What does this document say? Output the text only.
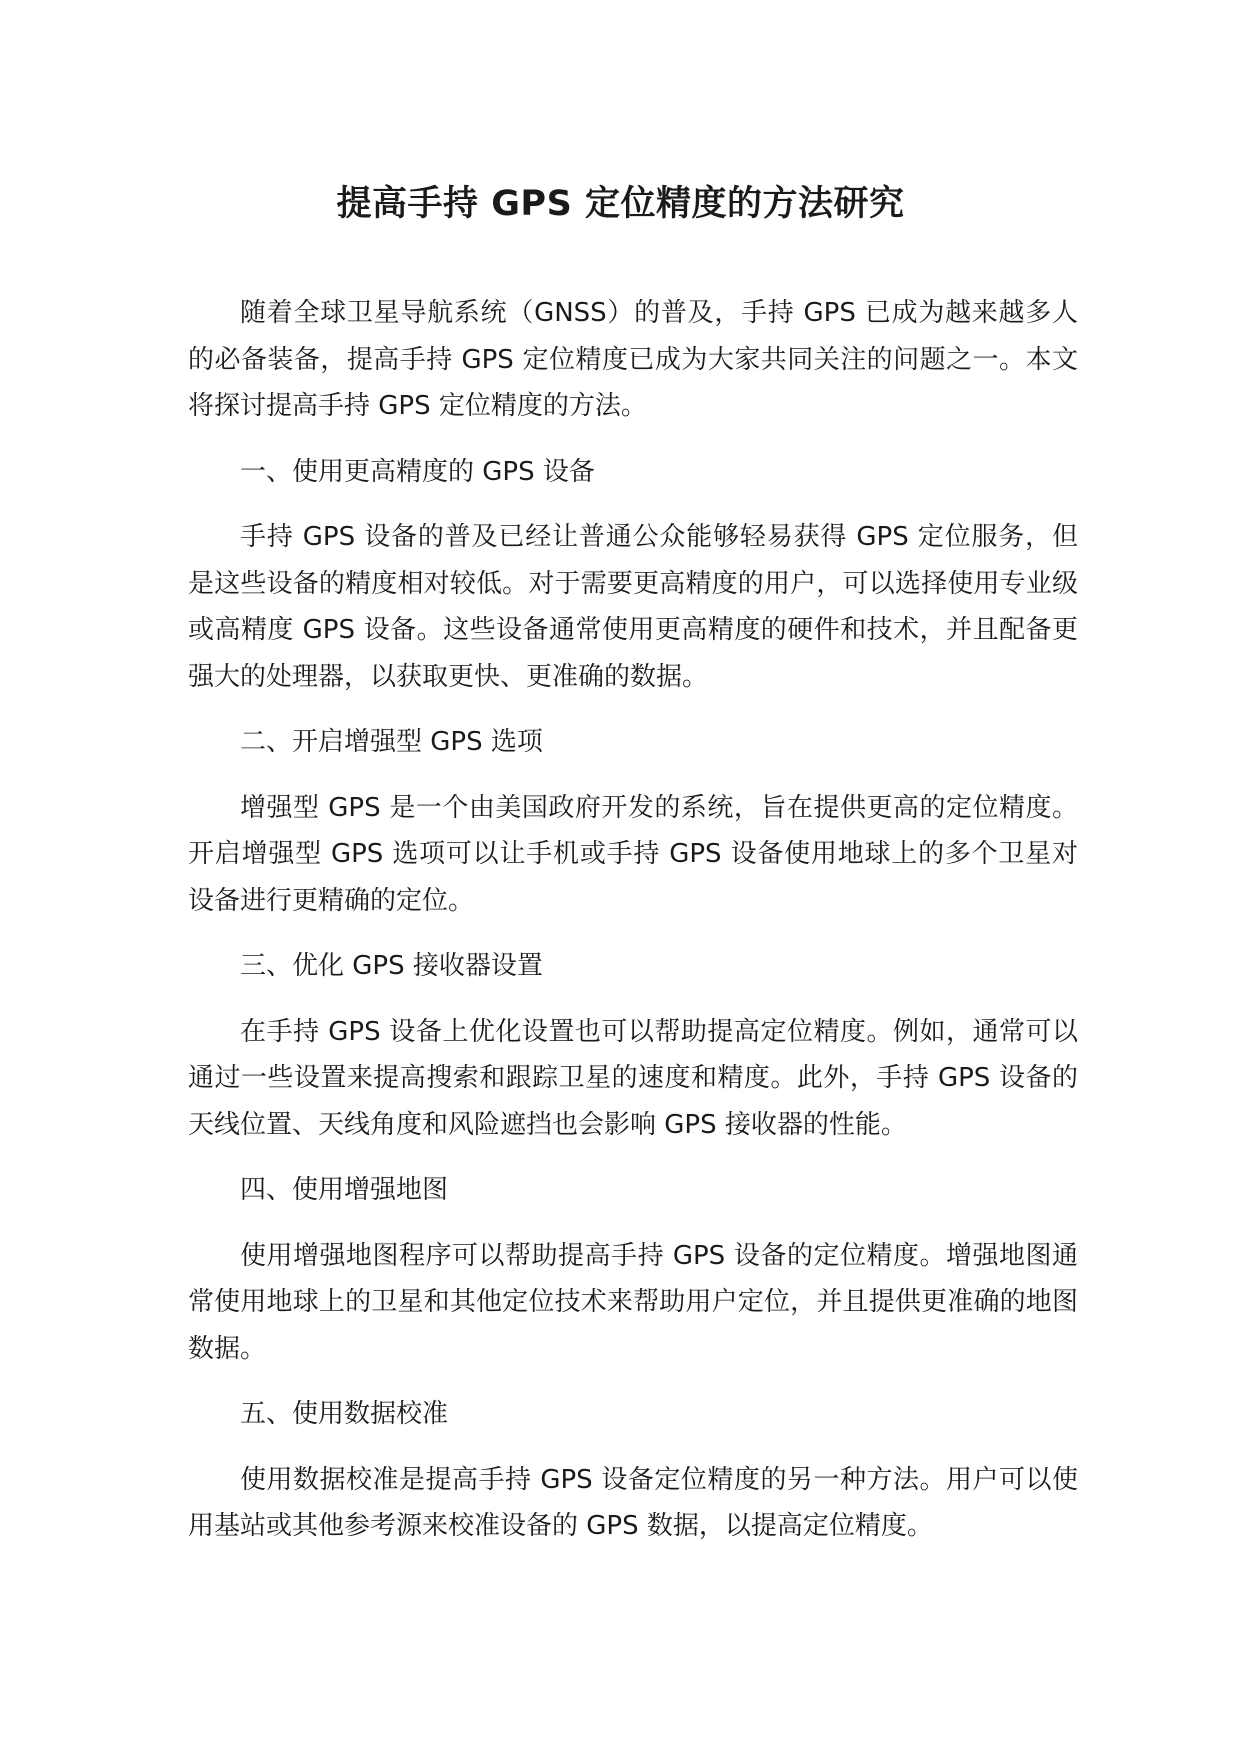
提高手持 GPS 定位精度的方法研究

随着全球卫星导航系统（GNSS）的普及，手持 GPS 已成为越来越多人的必备装备，提高手持 GPS 定位精度已成为大家共同关注的问题之一。本文将探讨提高手持 GPS 定位精度的方法。

一、使用更高精度的 GPS 设备

手持 GPS 设备的普及已经让普通公众能够轻易获得 GPS 定位服务，但是这些设备的精度相对较低。对于需要更高精度的用户，可以选择使用专业级或高精度 GPS 设备。这些设备通常使用更高精度的硬件和技术，并且配备更强大的处理器，以获取更快、更准确的数据。

二、开启增强型 GPS 选项

增强型 GPS 是一个由美国政府开发的系统，旨在提供更高的定位精度。开启增强型 GPS 选项可以让手机或手持 GPS 设备使用地球上的多个卫星对设备进行更精确的定位。

三、优化 GPS 接收器设置

在手持 GPS 设备上优化设置也可以帮助提高定位精度。例如，通常可以通过一些设置来提高搜索和跟踪卫星的速度和精度。此外，手持 GPS 设备的天线位置、天线角度和风险遮挡也会影响 GPS 接收器的性能。

四、使用增强地图

使用增强地图程序可以帮助提高手持 GPS 设备的定位精度。增强地图通常使用地球上的卫星和其他定位技术来帮助用户定位，并且提供更准确的地图数据。

五、使用数据校准

使用数据校准是提高手持 GPS 设备定位精度的另一种方法。用户可以使用基站或其他参考源来校准设备的 GPS 数据，以提高定位精度。
